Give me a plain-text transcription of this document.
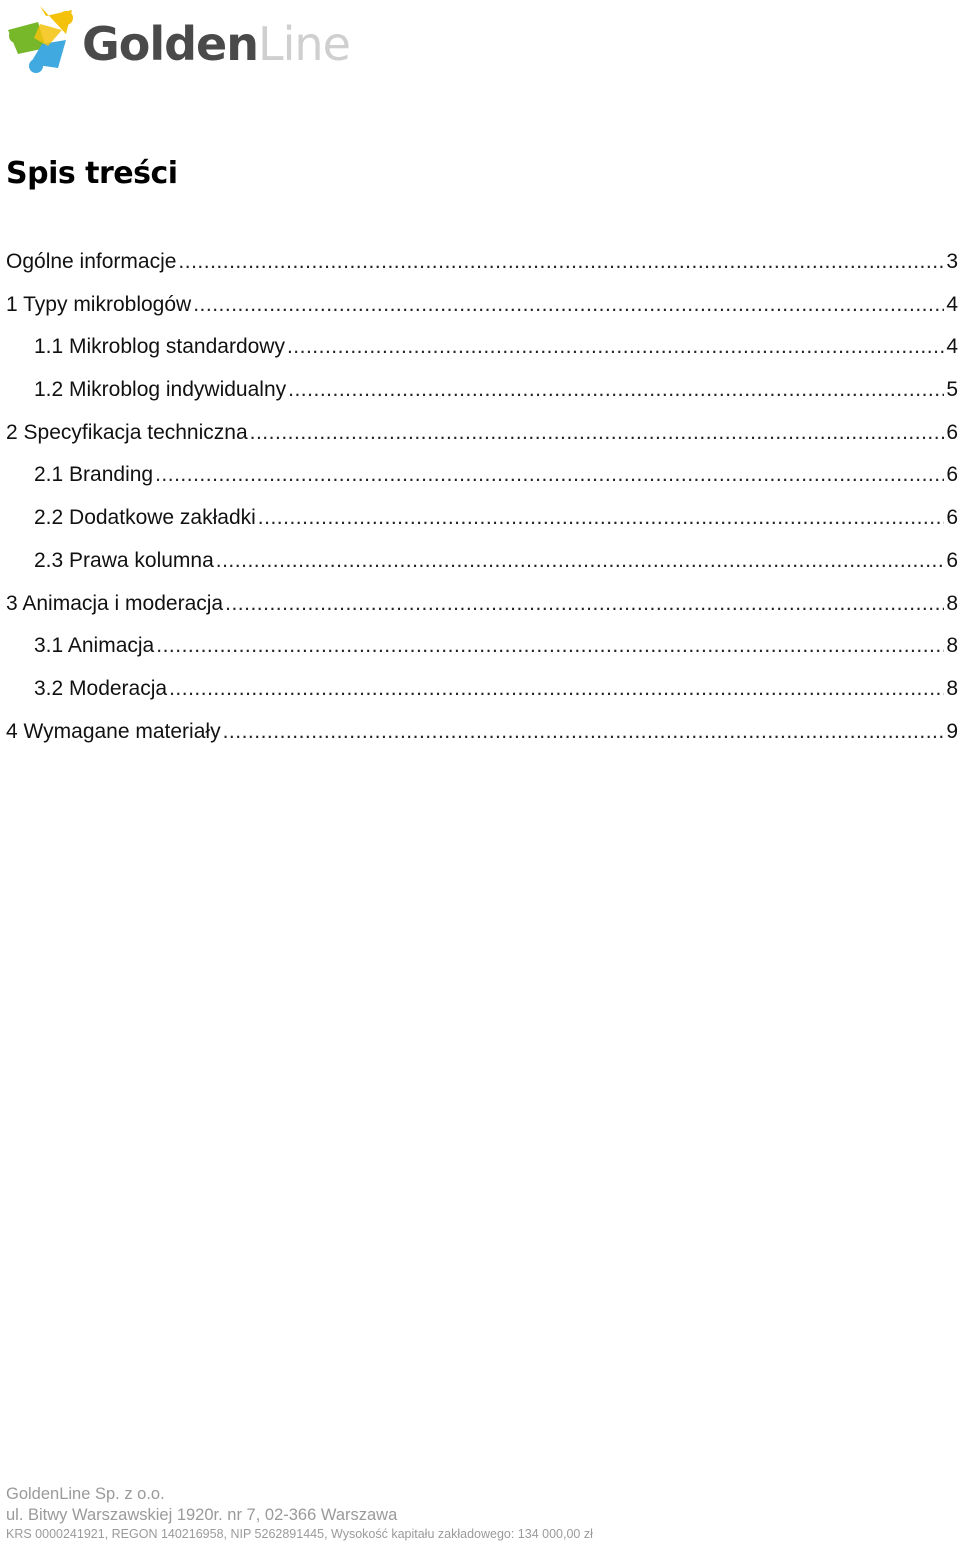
GoldenLine
Spis treści
Ogólne informacje .....	3
1 Typy mikroblogów .....	4
1.1 Mikroblog standardowy .....	4
1.2 Mikroblog indywidualny .....	5
2 Specyfikacja techniczna .....	6
2.1 Branding .....	6
2.2 Dodatkowe zakładki .....	6
2.3 Prawa kolumna .....	6
3 Animacja i moderacja .....	8
3.1 Animacja .....	8
3.2 Moderacja .....	8
4 Wymagane materiały .....	9
GoldenLine Sp. z o.o.
ul. Bitwy Warszawskiej 1920r. nr 7, 02-366 Warszawa
KRS 0000241921, REGON 140216958, NIP 5262891445, Wysokość kapitału zakładowego: 134 000,00 zł
